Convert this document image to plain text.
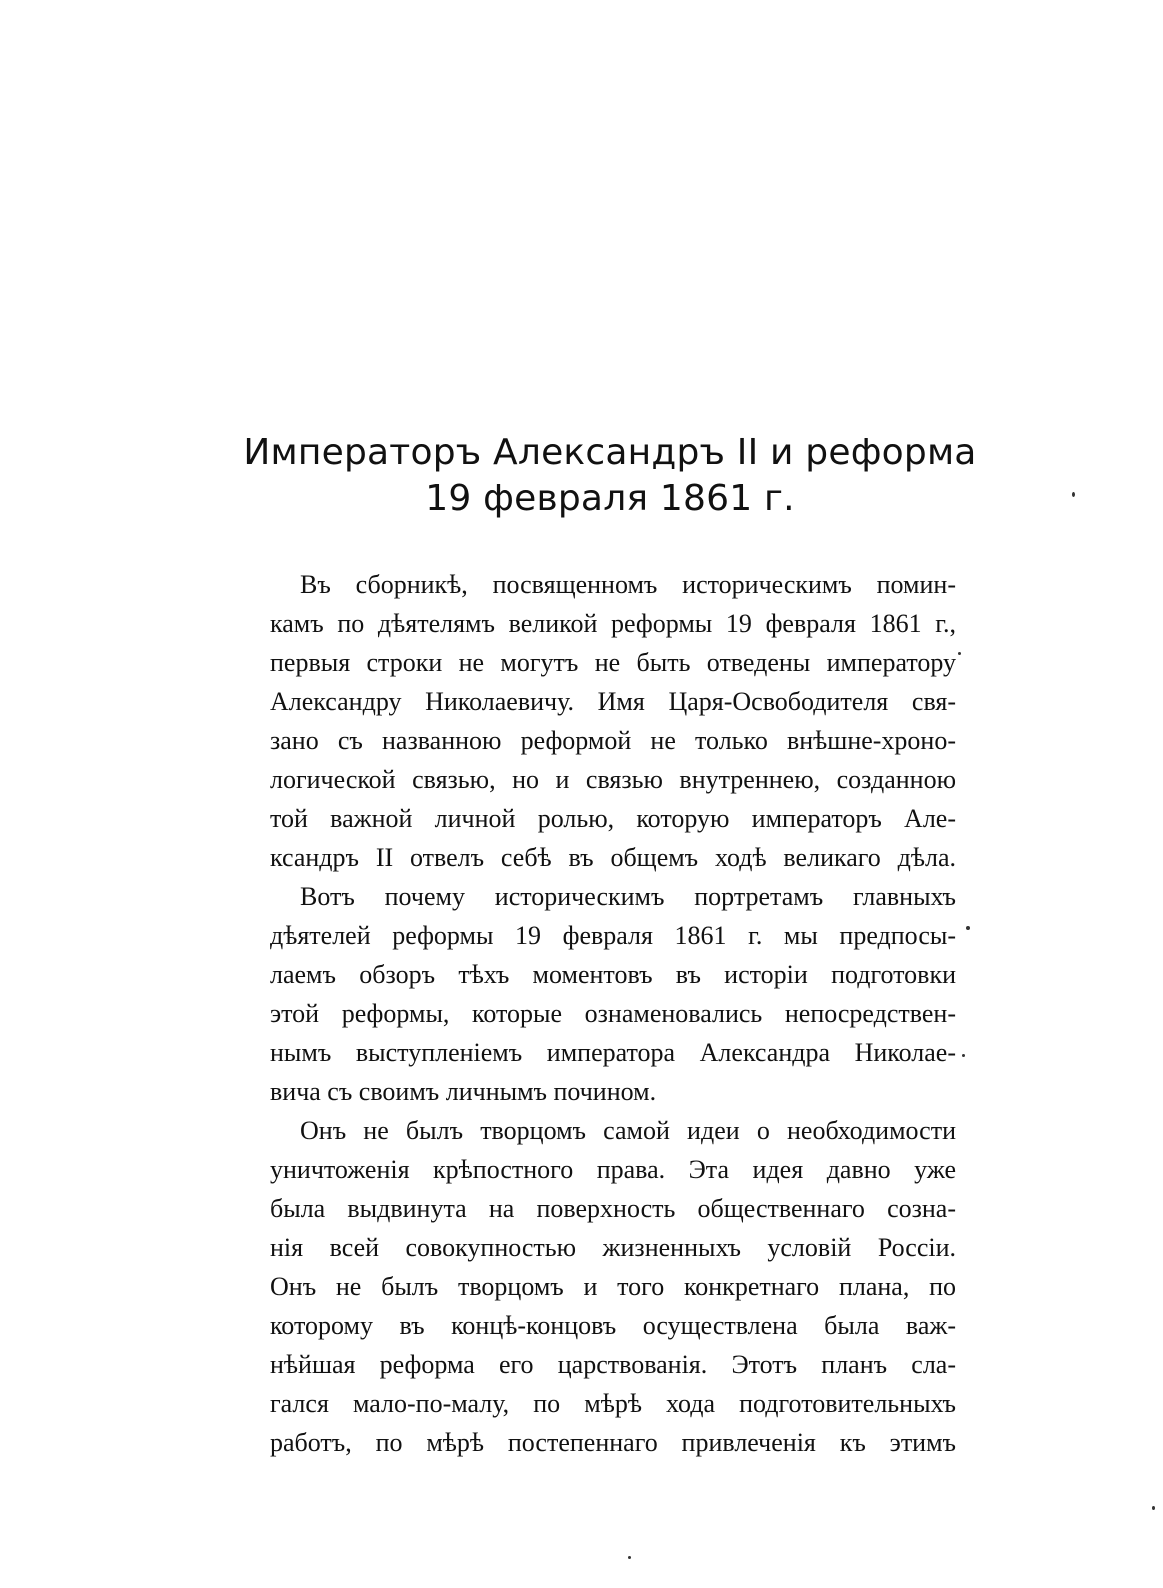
Императоръ Александръ II и реформа
19 февраля 1861 г.
Въ сборникѣ, посвященномъ историческимъ помин-
камъ по дѣятелямъ великой реформы 19 февраля 1861 г.,
первыя строки не могутъ не быть отведены императору
Александру Николаевичу. Имя Царя-Освободителя свя-
зано съ названною реформой не только внѣшне-хроно-
логической связью, но и связью внутреннею, созданною
той важной личной ролью, которую императоръ Але-
ксандръ II отвелъ себѣ въ общемъ ходѣ великаго дѣла.
Вотъ почему историческимъ портретамъ главныхъ
дѣятелей реформы 19 февраля 1861 г. мы предпосы-
лаемъ обзоръ тѣхъ моментовъ въ исторіи подготовки
этой реформы, которые ознаменовались непосредствен-
нымъ выступленіемъ императора Александра Николае-
вича съ своимъ личнымъ почином.
Онъ не былъ творцомъ самой идеи о необходимости
уничтоженія крѣпостного права. Эта идея давно уже
была выдвинута на поверхность общественнаго созна-
нія всей совокупностью жизненныхъ условій Россіи.
Онъ не былъ творцомъ и того конкретнаго плана, по
которому въ концѣ-концовъ осуществлена была важ-
нѣйшая реформа его царствованія. Этотъ планъ сла-
гался мало-по-малу, по мѣрѣ хода подготовительныхъ
работъ, по мѣрѣ постепеннаго привлеченія къ этимъ
